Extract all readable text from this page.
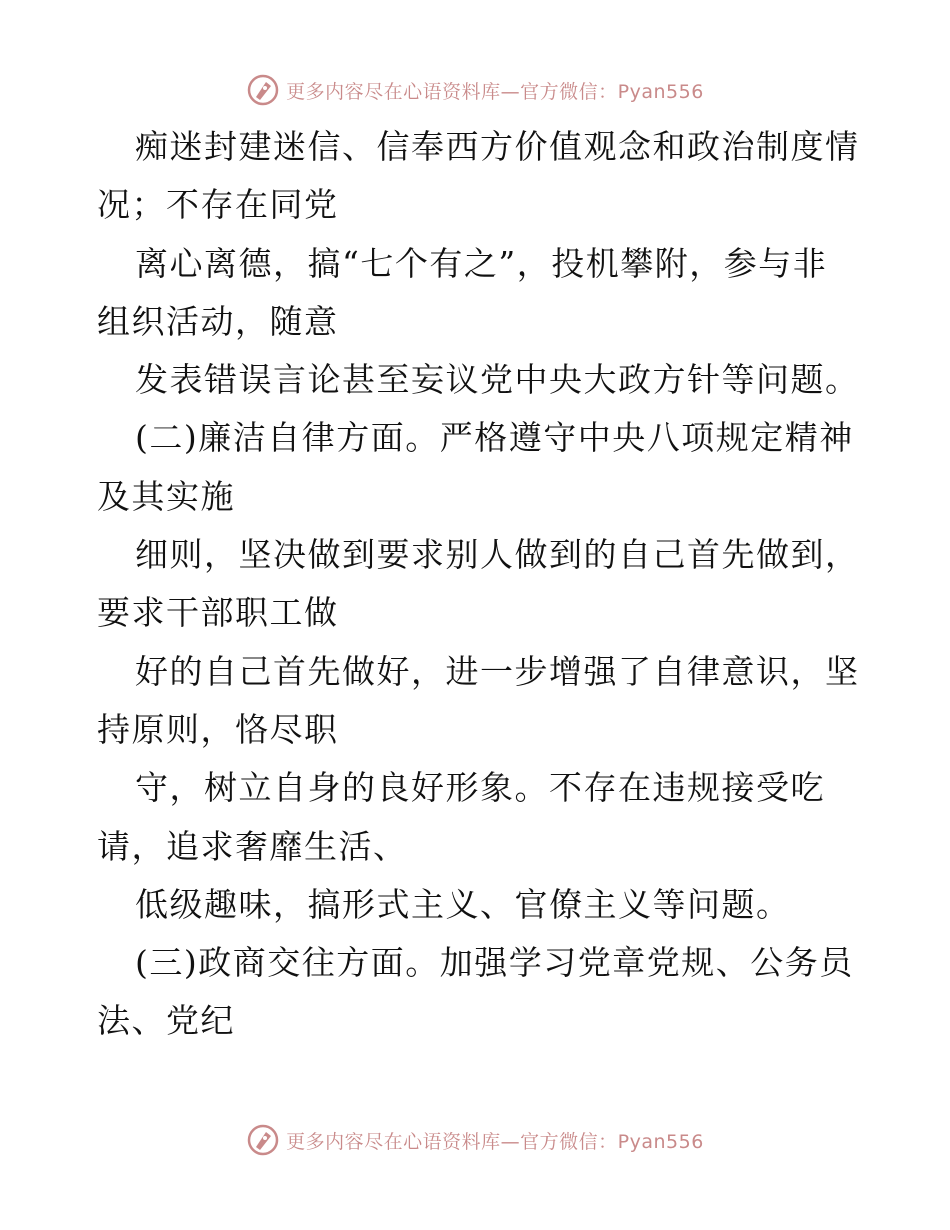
更多内容尽在心语资料库—官方微信：Pyan556
痴迷封建迷信、信奉西方价值观念和政治制度情
况；不存在同党
离心离德，搞“七个有之”，投机攀附，参与非
组织活动，随意
发表错误言论甚至妄议党中央大政方针等问题。
(二)廉洁自律方面。严格遵守中央八项规定精神
及其实施
细则，坚决做到要求别人做到的自己首先做到，
要求干部职工做
好的自己首先做好，进一步增强了自律意识，坚
持原则，恪尽职
守，树立自身的良好形象。不存在违规接受吃
请，追求奢靡生活、
低级趣味，搞形式主义、官僚主义等问题。
(三)政商交往方面。加强学习党章党规、公务员
法、党纪
更多内容尽在心语资料库—官方微信：Pyan556
